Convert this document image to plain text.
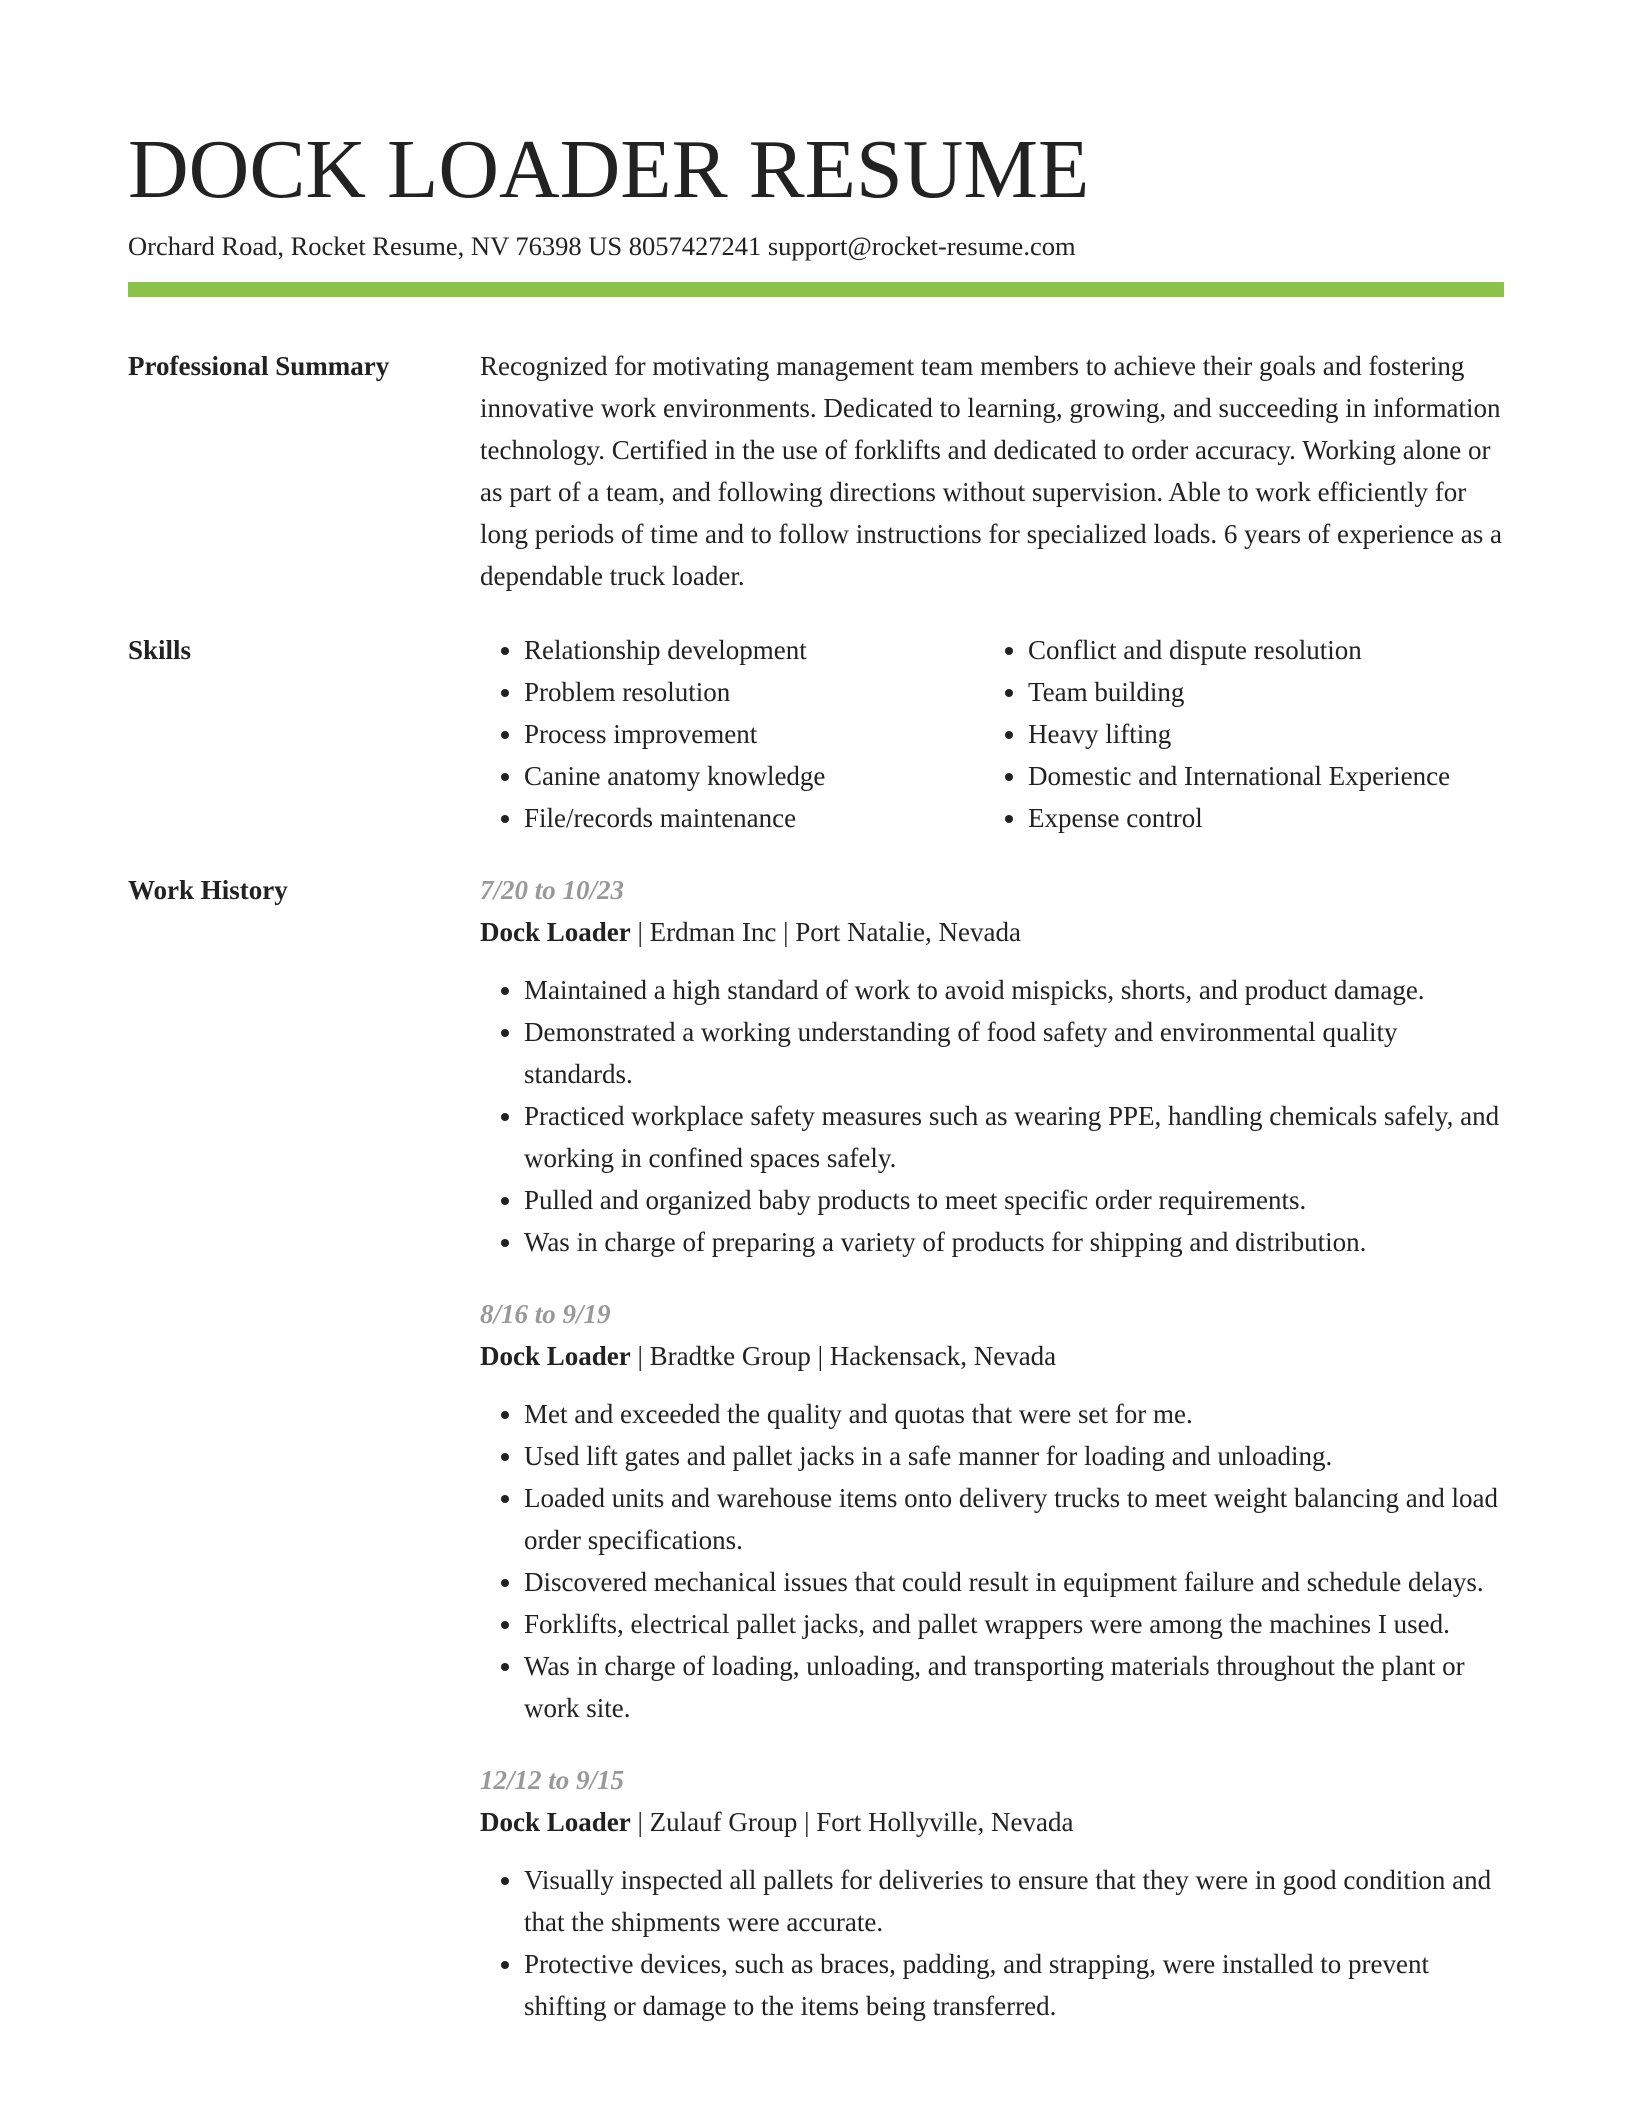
DOCK LOADER RESUME
Orchard Road, Rocket Resume, NV 76398 US 8057427241 support@rocket-resume.com
Professional Summary	Recognized for motivating management team members to achieve their goals and fostering innovative work environments. Dedicated to learning, growing, and succeeding in information technology. Certified in the use of forklifts and dedicated to order accuracy. Working alone or as part of a team, and following directions without supervision. Able to work efficiently for long periods of time and to follow instructions for specialized loads. 6 years of experience as a dependable truck loader.

Skills
•	Relationship development
• Problem resolution
• Process improvement
• Canine anatomy knowledge
• File/records maintenance
• Conflict and dispute resolution
• Team building
• Heavy lifting
• Domestic and International Experience
• Expense control
Work History	7/20 to 10/23
Dock Loader | Erdman Inc | Port Natalie, Nevada
• Maintained a high standard of work to avoid mispicks, shorts, and product damage.
• Demonstrated a working understanding of food safety and environmental quality standards.
• Practiced workplace safety measures such as wearing PPE, handling chemicals safely, and working in confined spaces safely.
• Pulled and organized baby products to meet specific order requirements.
• Was in charge of preparing a variety of products for shipping and distribution.
8/16 to 9/19
Dock Loader | Bradtke Group | Hackensack, Nevada
• Met and exceeded the quality and quotas that were set for me.
• Used lift gates and pallet jacks in a safe manner for loading and unloading.
• Loaded units and warehouse items onto delivery trucks to meet weight balancing and load order specifications.
• Discovered mechanical issues that could result in equipment failure and schedule delays.
• Forklifts, electrical pallet jacks, and pallet wrappers were among the machines I used.
• Was in charge of loading, unloading, and transporting materials throughout the plant or work site.
12/12 to 9/15
Dock Loader | Zulauf Group | Fort Hollyville, Nevada
• Visually inspected all pallets for deliveries to ensure that they were in good condition and that the shipments were accurate.
• Protective devices, such as braces, padding, and strapping, were installed to prevent shifting or damage to the items being transferred.
